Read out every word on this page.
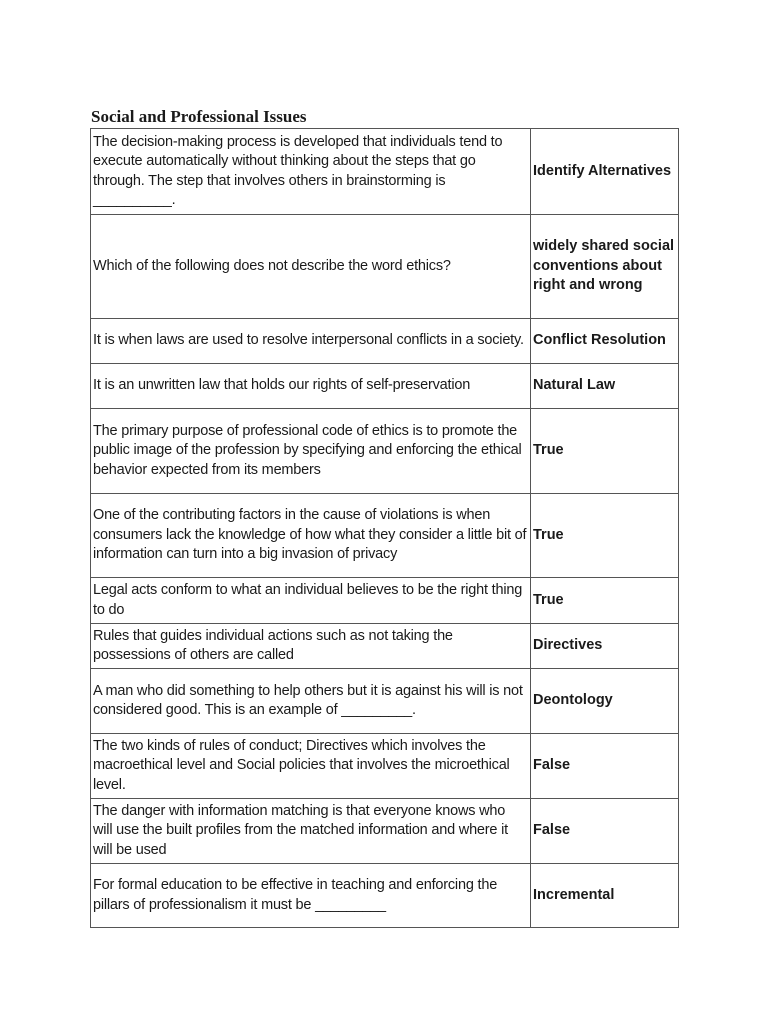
Social and Professional Issues
The decision-making process is developed that individuals tend to execute automatically without thinking about the steps that go through. The step that involves others in brainstorming is __________.	Identify Alternatives
Which of the following does not describe the word ethics?	widely shared social conventions about right and wrong
It is when laws are used to resolve interpersonal conflicts in a society.	Conflict Resolution
It is an unwritten law that holds our rights of self-preservation	Natural Law
The primary purpose of professional code of ethics is to promote the public image of the profession by specifying and enforcing the ethical behavior expected from its members	True
One of the contributing factors in the cause of violations is when consumers lack the knowledge of how what they consider a little bit of information can turn into a big invasion of privacy	True
Legal acts conform to what an individual believes to be the right thing to do	True
Rules that guides individual actions such as not taking the possessions of others are called	Directives
A man who did something to help others but it is against his will is not considered good. This is an example of _________.	Deontology
The two kinds of rules of conduct; Directives which involves the macroethical level and Social policies that involves the microethical level.	False
The danger with information matching is that everyone knows who will use the built profiles from the matched information and where it will be used	False
For formal education to be effective in teaching and enforcing the pillars of professionalism it must be _________	Incremental
